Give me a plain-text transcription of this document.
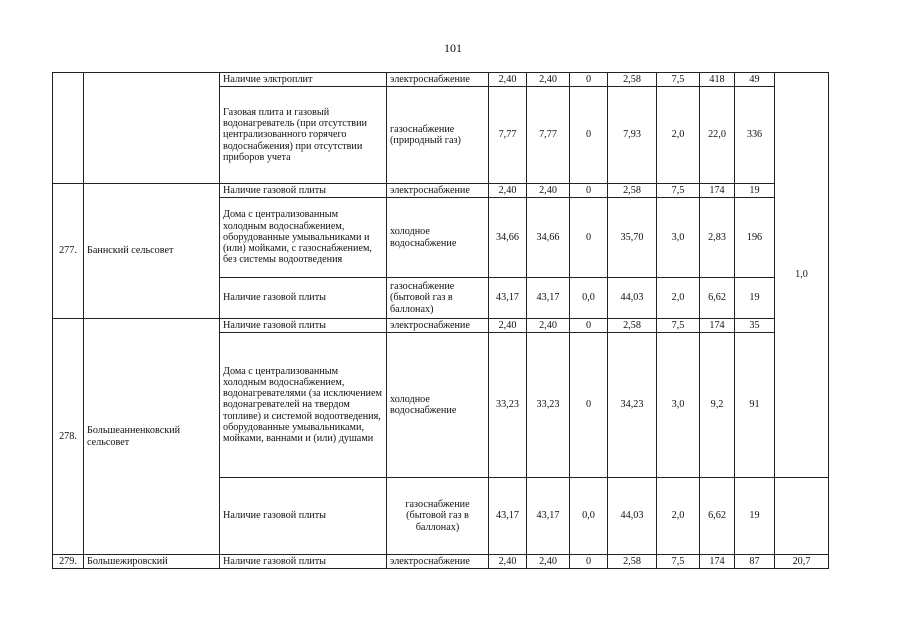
101
		Наличие элктроплит	электроснабжение	2,40	2,40	0	2,58	7,5	418	49	1,0	
		Газовая плита и газовый водонагреватель (при отсутствии централизованного горячего водоснабжения) при отсутствии приборов учета	газоснабжение (природный газ)	7,77	7,77	0	7,93	2,0	22,0	336		
277.	Баннский сельсовет	Наличие газовой плиты	электроснабжение	2,40	2,40	0	2,58	7,5	174	19		
		Дома с централизованным холодным водоснабжением, оборудованные умывальниками и (или) мойками, с газоснабжением, без системы водоотведения	холодное водоснабжение	34,66	34,66	0	35,70	3,0	2,83	196		
		Наличие газовой плиты	газоснабжение (бытовой газ в баллонах)	43,17	43,17	0,0	44,03	2,0	6,62	19		
278.	Большеанненковский сельсовет	Наличие газовой плиты	электроснабжение	2,40	2,40	0	2,58	7,5	174	35	
		Дома с централизованным холодным водоснабжением, водонагревателями (за исключением водонагревателей на твердом топливе) и системой водоотведения, оборудованные умывальниками, мойками, ваннами и (или) душами	холодное водоснабжение	33,23	33,23	0	34,23	3,0	9,2	91		
		Наличие газовой плиты	газоснабжение (бытовой газ в баллонах)	43,17	43,17	0,0	44,03	2,0	6,62	19		
279.	Большежировский	Наличие газовой плиты	электроснабжение	2,40	2,40	0	2,58	7,5	174	87	20,7	
